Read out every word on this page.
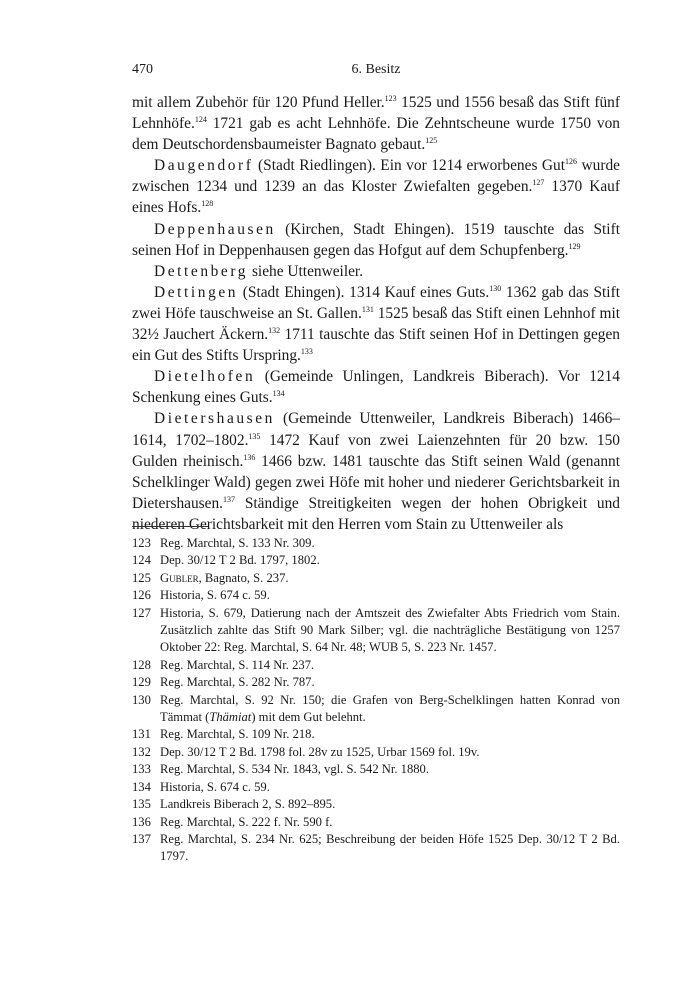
470	6. Besitz

mit allem Zubehör für 120 Pfund Heller.$^{123}$ 1525 und 1556 besaß das Stift fünf Lehnhöfe.$^{124}$ 1721 gab es acht Lehnhöfe. Die Zehntscheune wurde 1750 von dem Deutschordensbaumeister Bagnato gebaut.$^{125}$

Daugendorf (Stadt Riedlingen). Ein vor 1214 erworbenes Gut$^{126}$ wurde zwischen 1234 und 1239 an das Kloster Zwiefalten gegeben.$^{127}$ 1370 Kauf eines Hofs.$^{128}$

Deppenhausen (Kirchen, Stadt Ehingen). 1519 tauschte das Stift seinen Hof in Deppenhausen gegen das Hofgut auf dem Schupfenberg.$^{129}$

Dettenberg siehe Uttenweiler.

Dettingen (Stadt Ehingen). 1314 Kauf eines Guts.$^{130}$ 1362 gab das Stift zwei Höfe tauschweise an St. Gallen.$^{131}$ 1525 besaß das Stift einen Lehnhof mit 32½ Jauchert Äckern.$^{132}$ 1711 tauschte das Stift seinen Hof in Dettingen gegen ein Gut des Stifts Urspring.$^{133}$

Dietelhofen (Gemeinde Unlingen, Landkreis Biberach). Vor 1214 Schenkung eines Guts.$^{134}$

Dietershausen (Gemeinde Uttenweiler, Landkreis Biberach) 1466–1614, 1702–1802.$^{135}$ 1472 Kauf von zwei Laienzehnten für 20 bzw. 150 Gulden rheinisch.$^{136}$ 1466 bzw. 1481 tauschte das Stift seinen Wald (genannt Schelklinger Wald) gegen zwei Höfe mit hoher und niederer Gerichtsbarkeit in Dietershausen.$^{137}$ Ständige Streitigkeiten wegen der hohen Obrigkeit und niederen Gerichtsbarkeit mit den Herren vom Stain zu Uttenweiler als

123 Reg. Marchtal, S. 133 Nr. 309.
124 Dep. 30/12 T 2 Bd. 1797, 1802.
125 Gubler, Bagnato, S. 237.
126 Historia, S. 674 c. 59.
127 Historia, S. 679, Datierung nach der Amtszeit des Zwiefalter Abts Friedrich vom Stain. Zusätzlich zahlte das Stift 90 Mark Silber; vgl. die nachträgliche Bestätigung von 1257 Oktober 22: Reg. Marchtal, S. 64 Nr. 48; WUB 5, S. 223 Nr. 1457.
128 Reg. Marchtal, S. 114 Nr. 237.
129 Reg. Marchtal, S. 282 Nr. 787.
130 Reg. Marchtal, S. 92 Nr. 150; die Grafen von Berg-Schelklingen hatten Konrad von Tämmat (Thämiat) mit dem Gut belehnt.
131 Reg. Marchtal, S. 109 Nr. 218.
132 Dep. 30/12 T 2 Bd. 1798 fol. 28v zu 1525, Urbar 1569 fol. 19v.
133 Reg. Marchtal, S. 534 Nr. 1843, vgl. S. 542 Nr. 1880.
134 Historia, S. 674 c. 59.
135 Landkreis Biberach 2, S. 892–895.
136 Reg. Marchtal, S. 222 f. Nr. 590 f.
137 Reg. Marchtal, S. 234 Nr. 625; Beschreibung der beiden Höfe 1525 Dep. 30/12 T 2 Bd. 1797.
